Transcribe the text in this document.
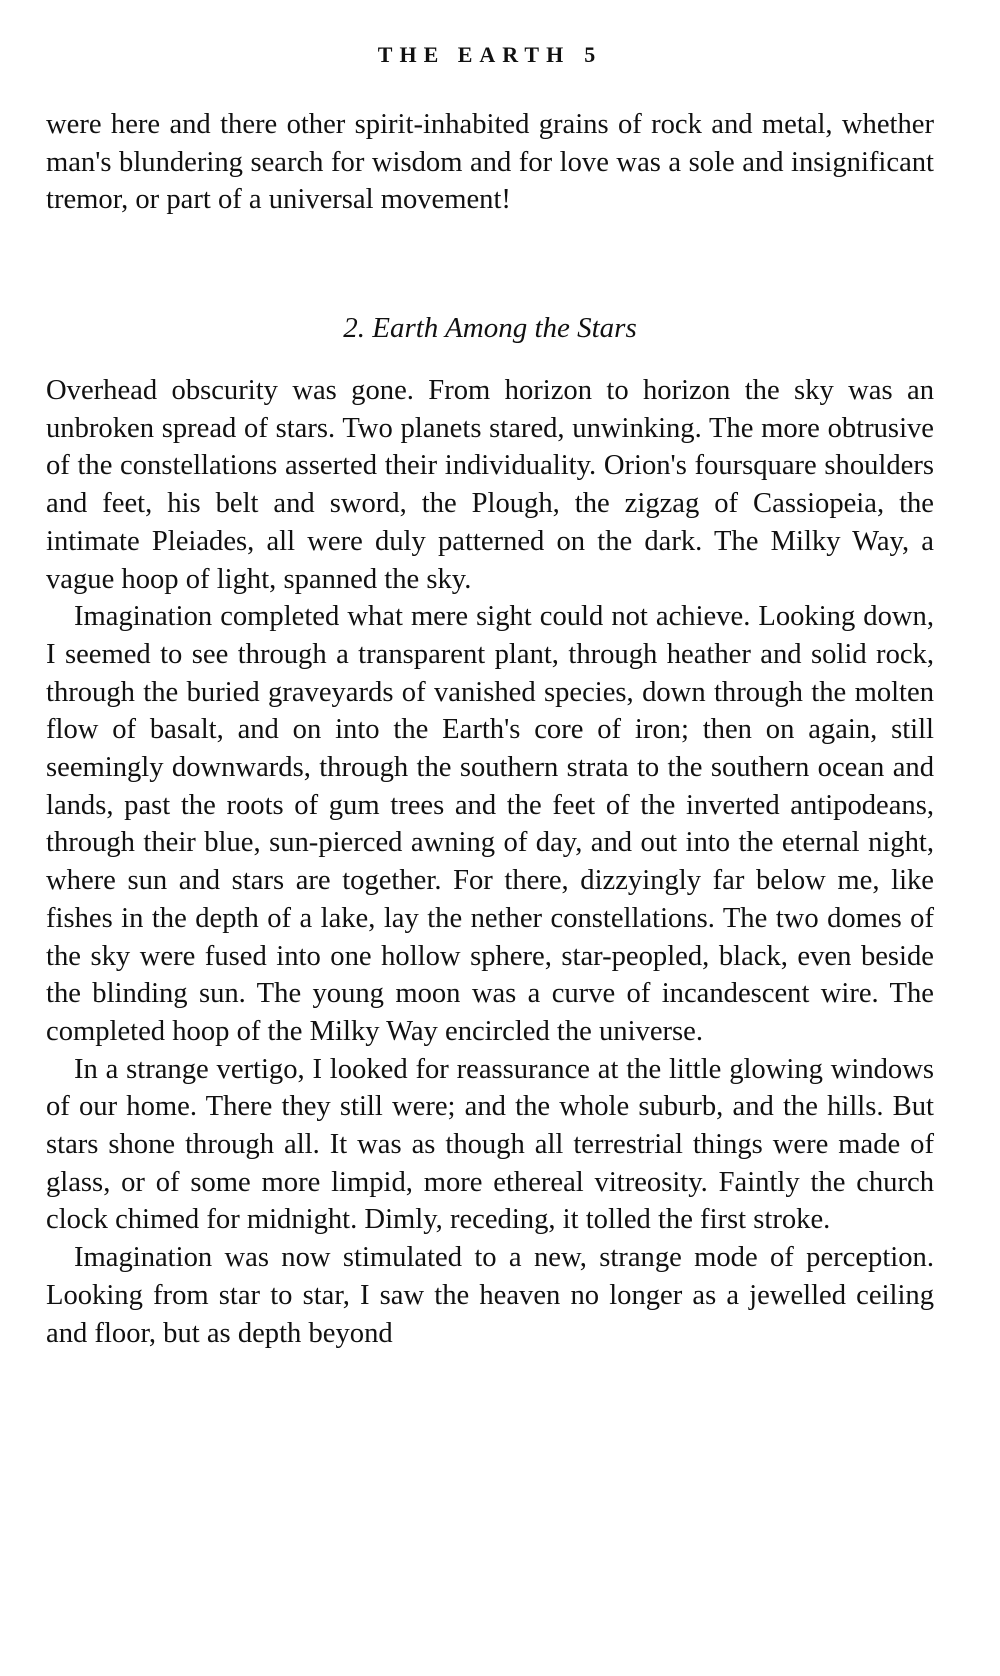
THE EARTH 5

were here and there other spirit-inhabited grains of rock and metal, whether man's blundering search for wisdom and for love was a sole and insignificant tremor, or part of a universal movement!

2. Earth Among the Stars

Overhead obscurity was gone. From horizon to horizon the sky was an unbroken spread of stars. Two planets stared, unwinking. The more obtrusive of the constellations asserted their individuality. Orion's foursquare shoulders and feet, his belt and sword, the Plough, the zigzag of Cassiopeia, the intimate Pleiades, all were duly patterned on the dark. The Milky Way, a vague hoop of light, spanned the sky.

Imagination completed what mere sight could not achieve. Looking down, I seemed to see through a transparent plant, through heather and solid rock, through the buried graveyards of vanished species, down through the molten flow of basalt, and on into the Earth's core of iron; then on again, still seemingly downwards, through the southern strata to the southern ocean and lands, past the roots of gum trees and the feet of the inverted antipodeans, through their blue, sun-pierced awning of day, and out into the eternal night, where sun and stars are together. For there, dizzyingly far below me, like fishes in the depth of a lake, lay the nether constellations. The two domes of the sky were fused into one hollow sphere, star-peopled, black, even beside the blinding sun. The young moon was a curve of incandescent wire. The completed hoop of the Milky Way encircled the universe.

In a strange vertigo, I looked for reassurance at the little glowing windows of our home. There they still were; and the whole suburb, and the hills. But stars shone through all. It was as though all terrestrial things were made of glass, or of some more limpid, more ethereal vitreosity. Faintly the church clock chimed for midnight. Dimly, receding, it tolled the first stroke.

Imagination was now stimulated to a new, strange mode of perception. Looking from star to star, I saw the heaven no longer as a jewelled ceiling and floor, but as depth beyond
